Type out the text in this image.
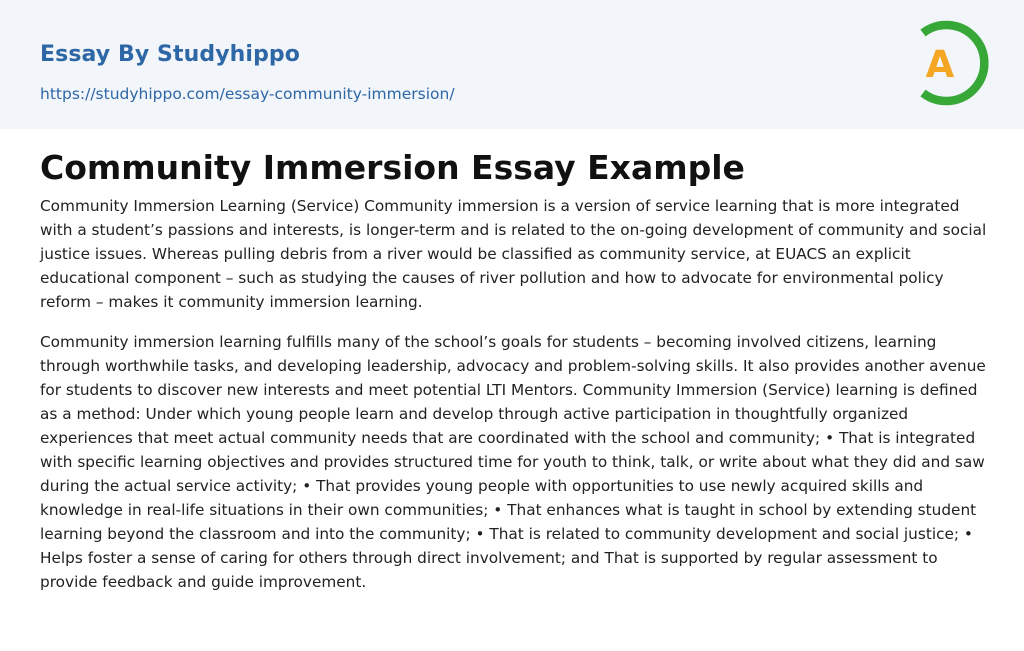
Essay By Studyhippo
https://studyhippo.com/essay-community-immersion/
A
Community Immersion Essay Example

Community Immersion Learning (Service) Community immersion is a version of service learning that is more integrated with a student’s passions and interests, is longer-term and is related to the on-going development of community and social justice issues. Whereas pulling debris from a river would be classified as community service, at EUACS an explicit educational component – such as studying the causes of river pollution and how to advocate for environmental policy reform – makes it community immersion learning.

Community immersion learning fulfills many of the school’s goals for students – becoming involved citizens, learning through worthwhile tasks, and developing leadership, advocacy and problem-solving skills. It also provides another avenue for students to discover new interests and meet potential LTI Mentors. Community Immersion (Service) learning is defined as a method: Under which young people learn and develop through active participation in thoughtfully organized experiences that meet actual community needs that are coordinated with the school and community; • That is integrated with specific learning objectives and provides structured time for youth to think, talk, or write about what they did and saw during the actual service activity; • That provides young people with opportunities to use newly acquired skills and knowledge in real-life situations in their own communities; • That enhances what is taught in school by extending student learning beyond the classroom and into the community; • That is related to community development and social justice; • Helps foster a sense of caring for others through direct involvement; and That is supported by regular assessment to provide feedback and guide improvement.
